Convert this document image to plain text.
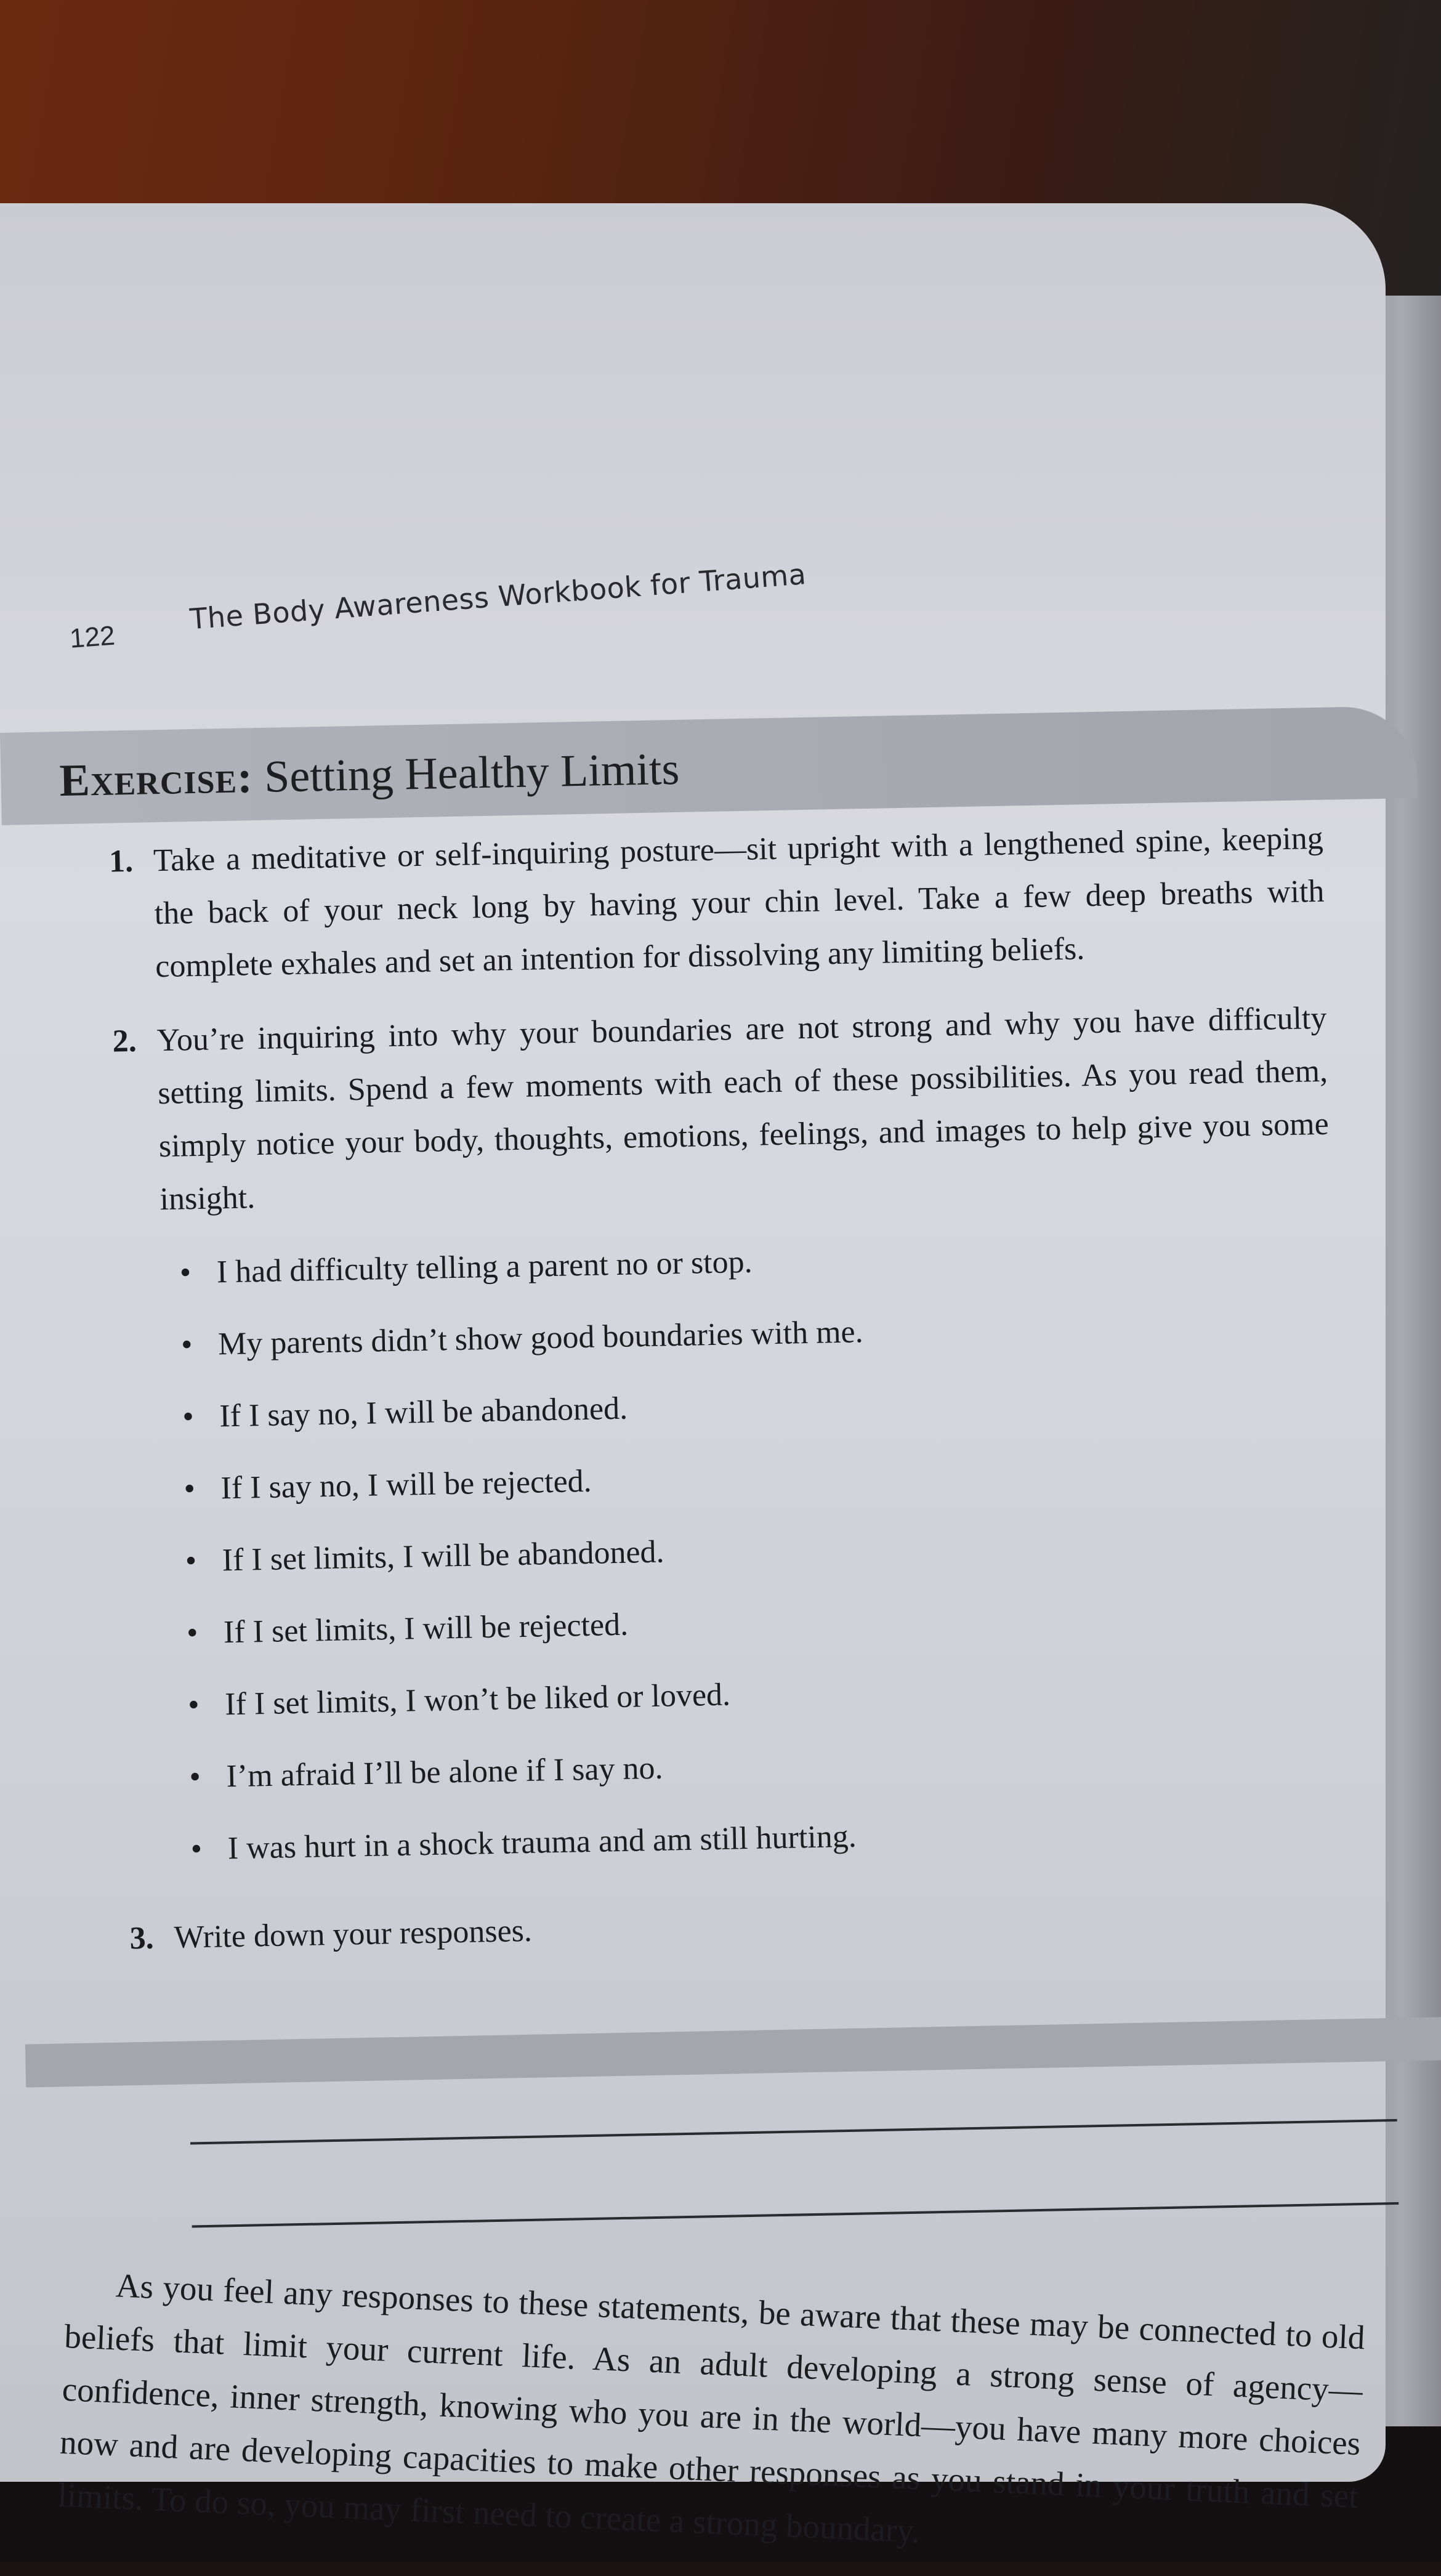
122
The Body Awareness Workbook for Trauma
Exercise: Setting Healthy Limits
1. Take a meditative or self-inquiring posture—sit upright with a lengthened spine, keeping the back of your neck long by having your chin level. Take a few deep breaths with complete exhales and set an intention for dissolving any limiting beliefs.
2. You’re inquiring into why your boundaries are not strong and why you have difficulty setting limits. Spend a few moments with each of these possibilities. As you read them, simply notice your body, thoughts, emotions, feelings, and images to help give you some insight.
• I had difficulty telling a parent no or stop.
• My parents didn’t show good boundaries with me.
• If I say no, I will be abandoned.
• If I say no, I will be rejected.
• If I set limits, I will be abandoned.
• If I set limits, I will be rejected.
• If I set limits, I won’t be liked or loved.
• I’m afraid I’ll be alone if I say no.
• I was hurt in a shock trauma and am still hurting.
3. Write down your responses.

As you feel any responses to these statements, be aware that these may be connected to old beliefs that limit your current life. As an adult developing a strong sense of agency—confidence, inner strength, knowing who you are in the world—you have many more choices now and are developing capacities to make other responses as you stand in your truth and set limits. To do so, you may first need to create a strong boundary.
